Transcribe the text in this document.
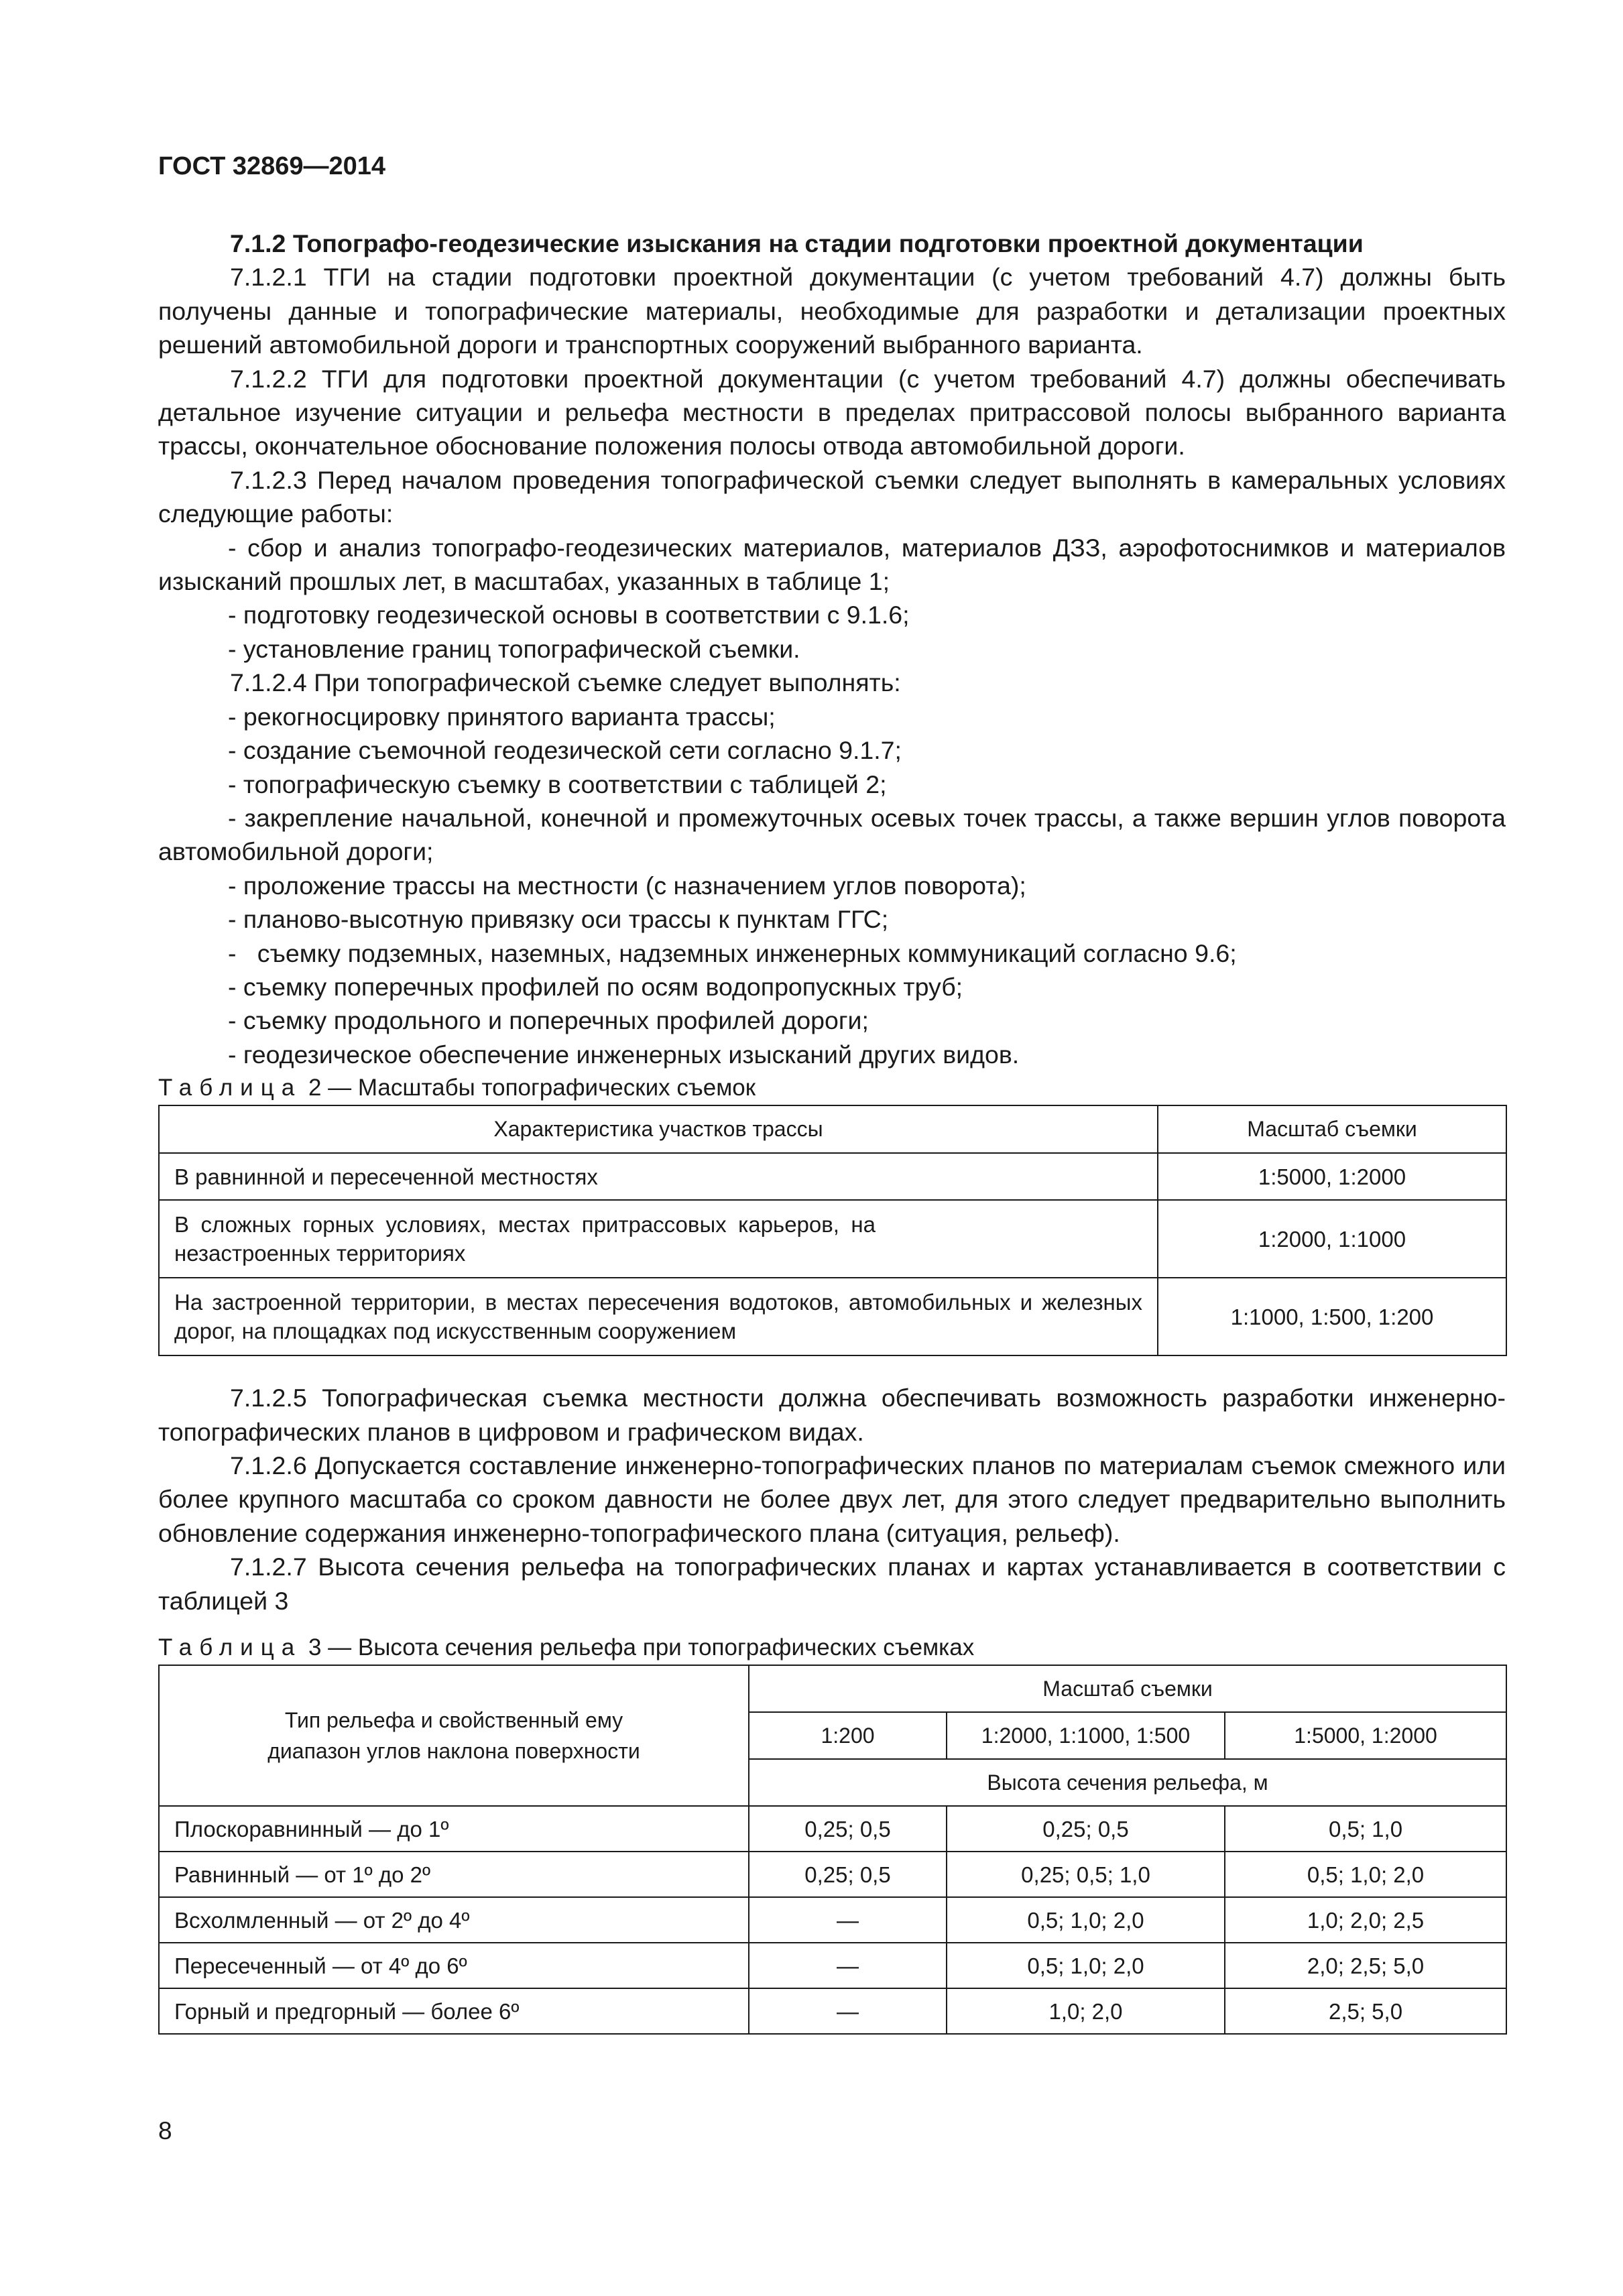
ГОСТ 32869—2014

7.1.2 Топографо-геодезические изыскания на стадии подготовки проектной документации

7.1.2.1 ТГИ на стадии подготовки проектной документации (с учетом требований 4.7) должны быть получены данные и топографические материалы, необходимые для разработки и детализации проектных решений автомобильной дороги и транспортных сооружений выбранного варианта.

7.1.2.2 ТГИ для подготовки проектной документации (с учетом требований 4.7) должны обеспечивать детальное изучение ситуации и рельефа местности в пределах притрассовой полосы выбранного варианта трассы, окончательное обоснование положения полосы отвода автомобильной дороги.

7.1.2.3 Перед началом проведения топографической съемки следует выполнять в камеральных условиях следующие работы:

- сбор и анализ топографо-геодезических материалов, материалов ДЗЗ, аэрофотоснимков и материалов изысканий прошлых лет, в масштабах, указанных в таблице 1;

- подготовку геодезической основы в соответствии с 9.1.6;

- установление границ топографической съемки.

7.1.2.4 При топографической съемке следует выполнять:

- рекогносцировку принятого варианта трассы;

- создание съемочной геодезической сети согласно 9.1.7;

- топографическую съемку в соответствии с таблицей 2;

- закрепление начальной, конечной и промежуточных осевых точек трассы, а также вершин углов поворота автомобильной дороги;

- проложение трассы на местности (с назначением углов поворота);

- планово-высотную привязку оси трассы к пунктам ГГС;

-   съемку подземных, наземных, надземных инженерных коммуникаций согласно 9.6;

- съемку поперечных профилей по осям водопропускных труб;

- съемку продольного и поперечных профилей дороги;

- геодезическое обеспечение инженерных изысканий других видов.

Таблица 2 — Масштабы топографических съемок

Характеристика участков трассы	Масштаб съемки
В равнинной и пересеченной местностях	1:5000, 1:2000
В сложных горных условиях, местах притрассовых карьеров, на незастроенных территориях	1:2000, 1:1000
На застроенной территории, в местах пересечения водотоков, автомобильных и железных дорог, на площадках под искусственным сооружением	1:1000, 1:500, 1:200

7.1.2.5 Топографическая съемка местности должна обеспечивать возможность разработки инженерно-топографических планов в цифровом и графическом видах.

7.1.2.6 Допускается составление инженерно-топографических планов по материалам съемок смежного или более крупного масштаба со сроком давности не более двух лет, для этого следует предварительно выполнить обновление содержания инженерно-топографического плана (ситуация, рельеф).

7.1.2.7 Высота сечения рельефа на топографических планах и картах устанавливается в соответствии с таблицей 3

Таблица 3 — Высота сечения рельефа при топографических съемках

Тип рельефа и свойственный ему диапазон углов наклона поверхности	Масштаб съемки		
	1:200	1:2000, 1:1000, 1:500	1:5000, 1:2000
	Высота сечения рельефа, м		
Плоскоравнинный — до 1º	0,25; 0,5	0,25; 0,5	0,5; 1,0
Равнинный — от 1º до 2º	0,25; 0,5	0,25; 0,5; 1,0	0,5; 1,0; 2,0
Всхолмленный — от 2º до 4º	—	0,5; 1,0; 2,0	1,0; 2,0; 2,5
Пересеченный — от 4º до 6º	—	0,5; 1,0; 2,0	2,0; 2,5; 5,0
Горный и предгорный — более 6º	—	1,0; 2,0	2,5; 5,0
8
